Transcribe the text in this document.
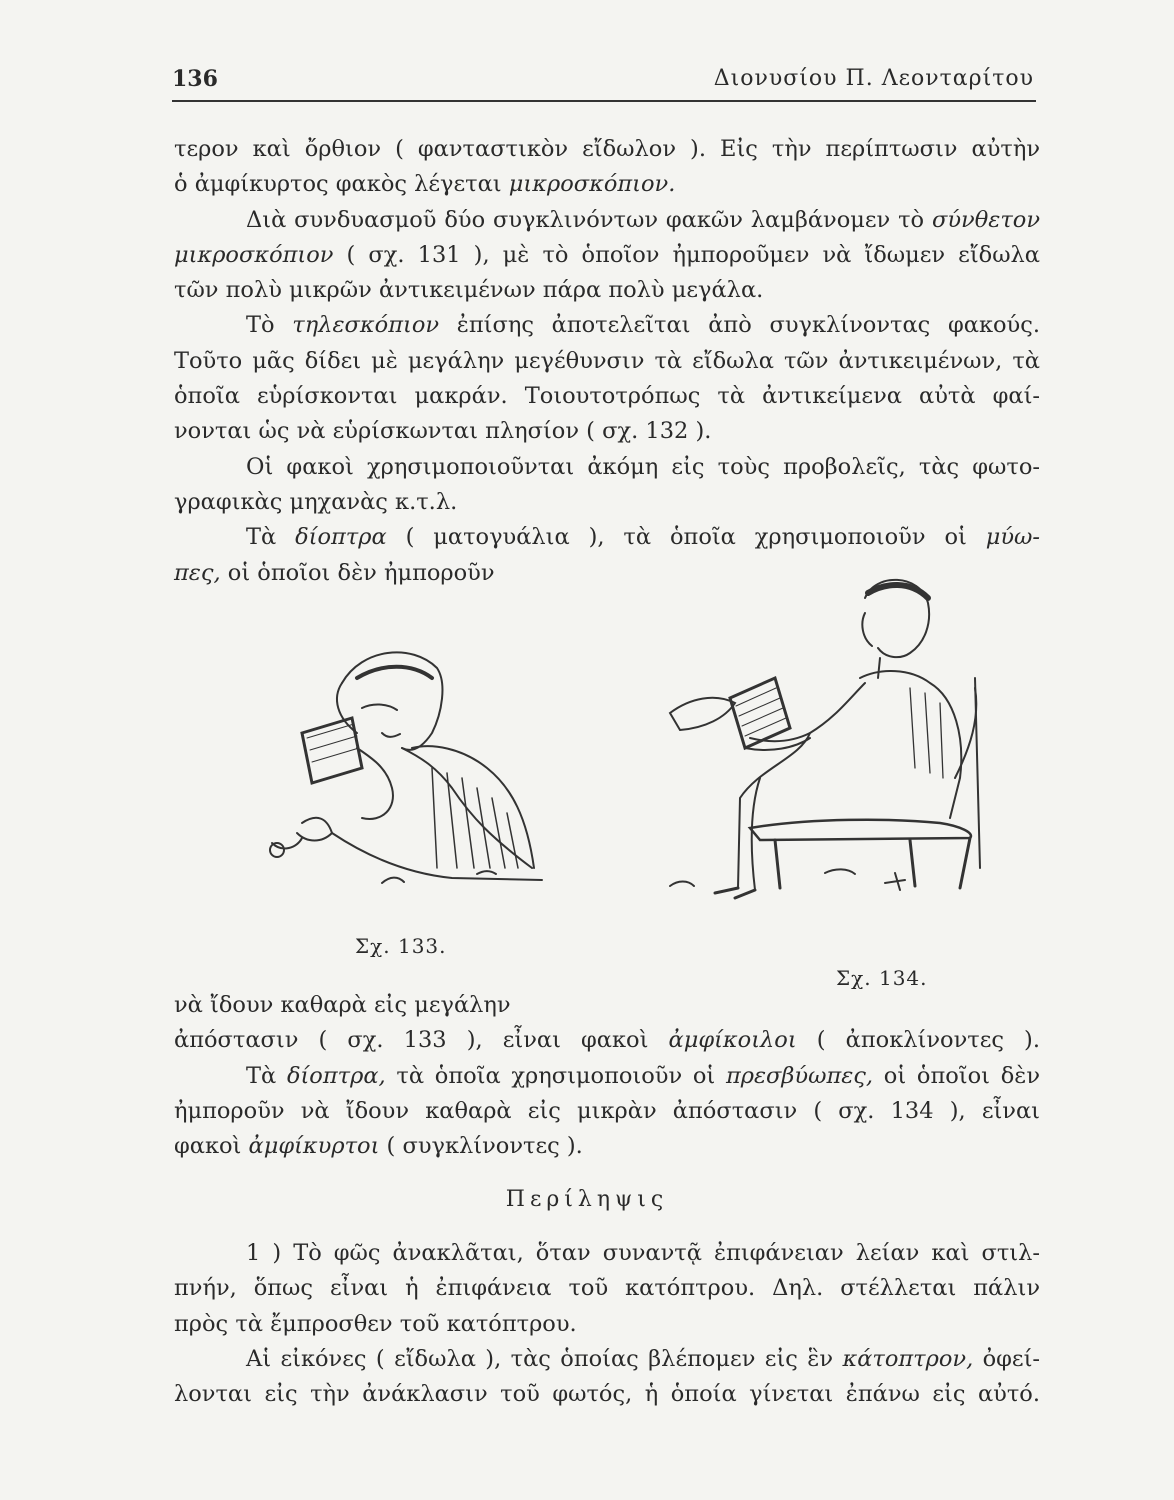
136	Διονυσίου Π. Λεονταρίτου
τερον καὶ ὄρθιον ( φανταστικὸν εἴδωλον ). Εἰς τὴν περίπτωσιν αὐτὴν
ὁ ἀμφίκυρτος φακὸς λέγεται μικροσκόπιον.
Διὰ συνδυασμοῦ δύο συγκλινόντων φακῶν λαμβάνομεν τὸ σύνθετον
μικροσκόπιον ( σχ. 131 ), μὲ τὸ ὁποῖον ἠμποροῦμεν νὰ ἴδωμεν εἴδωλα
τῶν πολὺ μικρῶν ἀντικειμένων πάρα πολὺ μεγάλα.
Τὸ τηλεσκόπιον ἐπίσης ἀποτελεῖται ἀπὸ συγκλίνοντας φακούς.
Τοῦτο μᾶς δίδει μὲ μεγάλην μεγέθυνσιν τὰ εἴδωλα τῶν ἀντικειμένων, τὰ
ὁποῖα εὑρίσκονται μακράν. Τοιουτοτρόπως τὰ ἀντικείμενα αὐτὰ φαί-
νονται ὡς νὰ εὑρίσκωνται πλησίον ( σχ. 132 ).
Οἱ φακοὶ χρησιμοποιοῦνται ἀκόμη εἰς τοὺς προβολεῖς, τὰς φωτο-
γραφικὰς μηχανὰς κ.τ.λ.
Τὰ δίοπτρα ( ματογυάλια ), τὰ ὁποῖα χρησιμοποιοῦν οἱ μύω-
πες, οἱ ὁποῖοι δὲν ἠμποροῦν
Σχ. 133.
Σχ. 134.
νὰ ἴδουν καθαρὰ εἰς μεγάλην
ἀπόστασιν ( σχ. 133 ), εἶναι φακοὶ ἀμφίκοιλοι ( ἀποκλίνοντες ).
Τὰ δίοπτρα, τὰ ὁποῖα χρησιμοποιοῦν οἱ πρεσβύωπες, οἱ ὁποῖοι δὲν
ἠμποροῦν νὰ ἴδουν καθαρὰ εἰς μικρὰν ἀπόστασιν ( σχ. 134 ), εἶναι
φακοὶ ἀμφίκυρτοι ( συγκλίνοντες ).
Περίληψις
1 ) Τὸ φῶς ἀνακλᾶται, ὅταν συναντᾷ ἐπιφάνειαν λείαν καὶ στιλ-
πνήν, ὅπως εἶναι ἡ ἐπιφάνεια τοῦ κατόπτρου. Δηλ. στέλλεται πάλιν
πρὸς τὰ ἔμπροσθεν τοῦ κατόπτρου.
Αἱ εἰκόνες ( εἴδωλα ), τὰς ὁποίας βλέπομεν εἰς ἓν κάτοπτρον, ὀφεί-
λονται εἰς τὴν ἀνάκλασιν τοῦ φωτός, ἡ ὁποία γίνεται ἐπάνω εἰς αὐτό.
